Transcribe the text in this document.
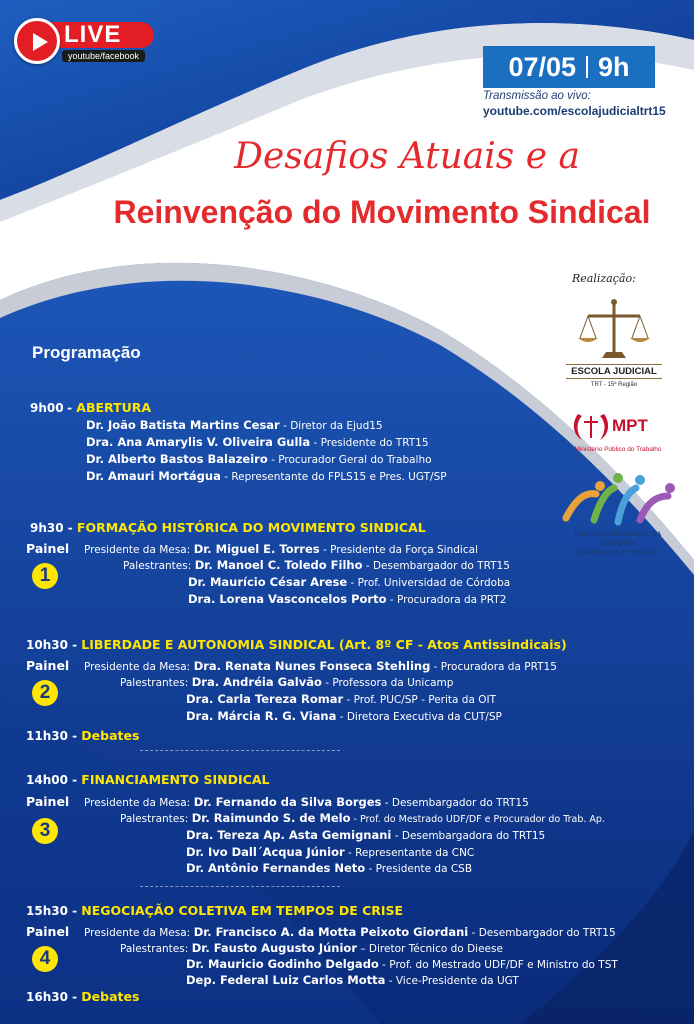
LIVE
youtube/facebook	07/05 9h
Transmissão ao vivo:
youtube.com/escolajudicialtrt15
Desafios Atuais e a
Reinvenção do Movimento Sindical
Realização:
ESCOLA JUDICIAL
TRT - 15ª Região
MPT
Ministério Público do Trabalho
FÓRUM DE PROMOÇÃO DA LIBERDADE
SINDICAL DA 15ª REGIÃO
Programação
9h00 - ABERTURA
Dr. João Batista Martins Cesar - Diretor da Ejud15
Dra. Ana Amarylis V. Oliveira Gulla - Presidente do TRT15
Dr. Alberto Bastos Balazeiro - Procurador Geral do Trabalho
Dr. Amauri Mortágua - Representante do FPLS15 e Pres. UGT/SP
9h30 - FORMAÇÃO HISTÓRICA DO MOVIMENTO SINDICAL
Painel
1
Presidente da Mesa: Dr. Miguel E. Torres - Presidente da Força Sindical
Palestrantes: Dr. Manoel C. Toledo Filho - Desembargador do TRT15
Dr. Maurício César Arese - Prof. Universidad de Córdoba
Dra. Lorena Vasconcelos Porto - Procuradora da PRT2
10h30 - LIBERDADE E AUTONOMIA SINDICAL (Art. 8º CF - Atos Antissindicais)
Painel
2
Presidente da Mesa: Dra. Renata Nunes Fonseca Stehling - Procuradora da PRT15
Palestrantes: Dra. Andréia Galvão - Professora da Unicamp
Dra. Carla Tereza Romar - Prof. PUC/SP - Perita da OIT
Dra. Márcia R. G. Viana - Diretora Executiva da CUT/SP
11h30 - Debates
14h00 - FINANCIAMENTO SINDICAL
Painel
3
Presidente da Mesa: Dr. Fernando da Silva Borges - Desembargador do TRT15
Palestrantes: Dr. Raimundo S. de Melo - Prof. do Mestrado UDF/DF e Procurador do Trab. Ap.
Dra. Tereza Ap. Asta Gemignani - Desembargadora do TRT15
Dr. Ivo Dall´Acqua Júnior - Representante da CNC
Dr. Antônio Fernandes Neto - Presidente da CSB
15h30 - NEGOCIAÇÃO COLETIVA EM TEMPOS DE CRISE
Painel
4
Presidente da Mesa: Dr. Francisco A. da Motta Peixoto Giordani - Desembargador do TRT15
Palestrantes: Dr. Fausto Augusto Júnior – Diretor Técnico do Dieese
Dr. Mauricio Godinho Delgado - Prof. do Mestrado UDF/DF e Ministro do TST
Dep. Federal Luiz Carlos Motta - Vice-Presidente da UGT
16h30 - Debates
